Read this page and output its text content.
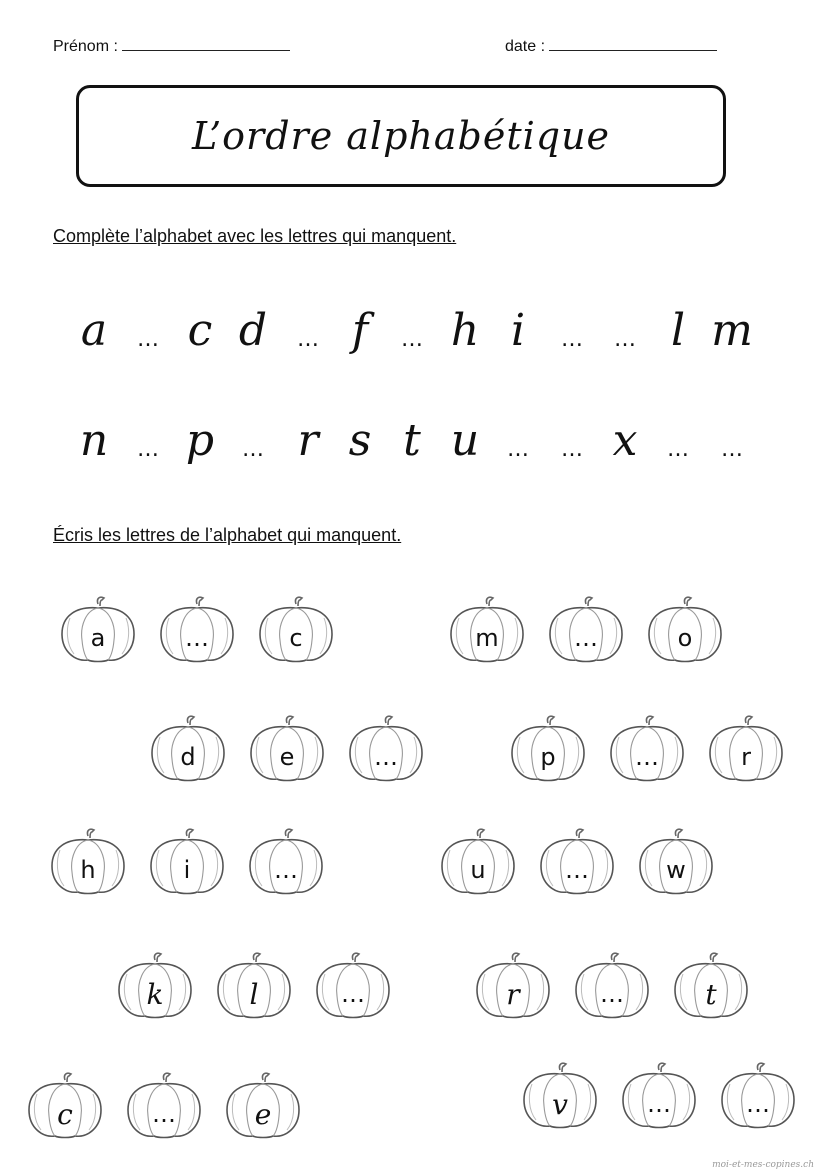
Prénom :	date :
L’ordre alphabétique
Complète l’alphabet avec les lettres qui manquent.
a … c d … f … h i … … l m
n … p … r s t u … … x … …
Écris les lettres de l’alphabet qui manquent.
a	…	c	m	…	o
d	e	…	p	…	r
h	i	…	u	…	w
k	l	…	r	…	t
c	…	e	v	…	…
moi-et-mes-copines.ch
